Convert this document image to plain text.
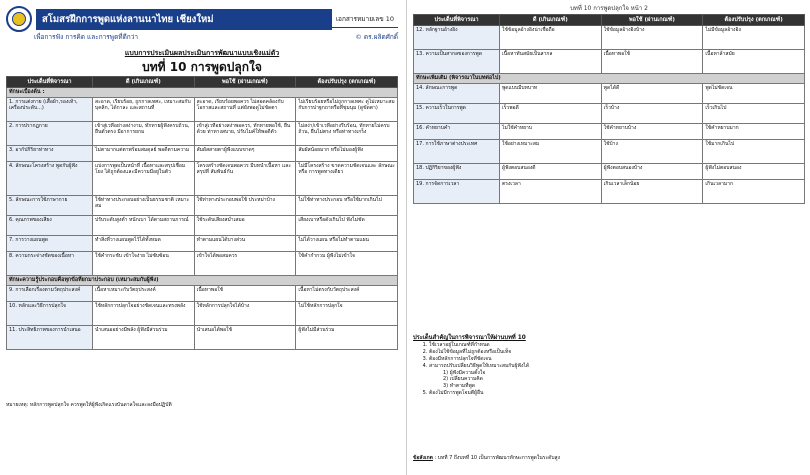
สโมสรฝึกการพูดแห่งลานนาไทย เชียงใหม่	เอกสารหมายเลข 10
เพื่อการฟัง การคิด และการพูดที่ดีกว่า	© ดร.ผลิตศักดิ์
แบบการประเมินผลประเมินการพัฒนาแบบเชิงแม่ตัว
บทที่ 10 การพูดปลุกใจ
ประเด็นที่พิจารณา	ดี (เกินเกณฑ์)	พอใช้ (ผ่านเกณฑ์)	ต้องปรับปรุง (ตกเกณฑ์)
ทักษะเบื้องต้น :			
1. การแต่งกาย (เสื้อผ้า,รองเท้า, เครื่องประดับ...)	สะอาด, เรียบร้อย, ถูกกาลเทศะ, เหมาะสมกับบุคลิก, ได้กาละ และสถานที่	สะอาด, เรียบร้อยพอควร ไม่สอดคล้องกับโอกาสและสถานที่ แต่ยังพอดูไม่ขัดตา	ไม่เรียบร้อยหรือไม่ถูกกาลเทศะ ดูไม่เหมาะสมกับการปาฐกถาหรือที่ชุมนุม (ดูขัดตา)
2. การปรากฏกาย	เข้าสู่เวทีอย่างสง่างาม, ทักทายผู้ฟังครบถ้วน, ยืนตัวตรง มีอาการยกม	เข้าสู่เวทีอย่างสง่าพอควร, ทักทายพอใช้, ยืนด้วย ท่าทางสบาย, ปรับไมค์ให้พอดีตัว	ไม่สง่า/เข้าเวทีอย่างรีบร้อน, ทักทายไม่ครบถ้วน, ยืนไม่ตรง หรือท่าทางเกร็ง
3. อากัปกิริยาท่าทาง	ไม่ตามากแต่ตาพร้อมสมดุลย์ พอดีตามความ	สัมผัสสายตาผู้ฟังแบบขาดๆ	สัมผัสน้อยมาก หรือไม่มองผู้ฟัง
4. ลักษณะโครงสร้าง พูดกับผู้ฟัง	แบ่งการพูดเป็นหน้าที่ เนื้อหาและสรุปเชื่อมโยง ได้ถูกต้องและมีความมีอยู่ในตัว	โครงสร้างชัดเจนพอควร มีบทนำเนื้อหา และสรุปที่ สัมพันธ์กัน	ไม่มีโครงสร้าง ขาดความชัดเจนและ ลักษณะหรือ การพูดทางเดียว
5. ลักษณะการใช้ภาษากาย	ใช้ท่าทางประกอบอย่างเป็นธรรมชาติ เหมาะสม	ใช้ท่าทางประกอบพอใช้ ประหม่าบ้าง	ไม่ใช้ท่าทางประกอบ หรือใช้มากเกินไป
6. คุณภาพของเสียง	ปรับระดับสูงต่ำ หนักเบา ได้ตามสถานการณ์	ใช้ระดับเสียงสม่ำเสมอ	เสียงเบาหรือดังเกินไป ฟังไม่ชัด
7. การวางแผนพูด	ทำสิ่งที่วางแผนพูดไว้ได้ทั้งหมด	ทำตามแผนได้บางส่วน	ไม่ได้วางแผน หรือไม่ทำตามแผน
8. ความกระจ่างชัดของเนื้อหา	ใช้คำกระชับ เข้าใจง่าย ไม่ซับซ้อน	เข้าใจได้พอสมควร	ใช้คำกำกวม ผู้ฟังไม่เข้าใจ
ทักษะความรู้ประกอบคือทุกข้อที่ยกมาประกอบ (เหมาะสมกับผู้ฟัง)			
9. การเลือกเรื่องตามวัตถุประสงค์	เนื้อหาเหมาะกับวัตถุประสงค์	เนื้อหาพอใช้	เนื้อหาไม่ตรงกับวัตถุประสงค์
10. หลักและวิธีการปลุกใจ	ใช้หลักการปลุกใจอย่างชัดเจนและทรงพลัง	ใช้หลักการปลุกใจได้บ้าง	ไม่ใช้หลักการปลุกใจ
11. ประสิทธิภาพของการนำเสนอ	นำเสนออย่างมีพลัง ผู้ฟังมีส่วนร่วม	นำเสนอได้พอใช้	ผู้ฟังไม่มีส่วนร่วม
หมายเหตุ: หลักการพูดปลุกใจ ควรพูดให้ผู้ฟังเกิดแรงบันดาลใจและลงมือปฏิบัติ
บทที่ 10 การพูดปลุกใจ หน้า 2
ประเด็นที่พิจารณา	ดี (เกินเกณฑ์)	พอใช้ (ผ่านเกณฑ์)	ต้องปรับปรุง (ตกเกณฑ์)
12. หลักฐานอ้างอิง	ใช้ข้อมูลอ้างอิงน่าเชื่อถือ	ใช้ข้อมูลอ้างอิงบ้าง	ไม่มีข้อมูลอ้างอิง
13. ความเป็นสากลของการพูด	เนื้อหาทันสมัยเป็นสากล	เนื้อหาพอใช้	เนื้อหาล้าสมัย
ทักษะเพิ่มเติม (พิจารณาในบทต่อไป)			
14. ลักษณะการพูด	พูดแบบมีบทบาท	พูดได้ดี	พูดไม่ชัดเจน
15. ความเร็วในการพูด	เร็วพอดี	เร็วบ้าง	เร็วเกินไป
16. คำหยาบคำ	ไม่ใช้คำหยาบ	ใช้คำหยาบบ้าง	ใช้คำหยาบมาก
17. การใช้ภาษาต่างประเทศ	ใช้อย่างเหมาะสม	ใช้บ้าง	ใช้มากเกินไป
18. ปฏิกิริยาของผู้ฟัง	ผู้ฟังตอบสนองดี	ผู้ฟังตอบสนองบ้าง	ผู้ฟังไม่ตอบสนอง
19. การจัดการเวลา	ตรงเวลา	เกินเวลาเล็กน้อย	เกินเวลามาก
ประเด็นสำคัญในการพิจารณาให้ผ่านบทที่ 10
1. ใช้เวลาอยู่ในเกณฑ์ที่กำหนด
2. ต้องไม่ใช้ข้อมูลที่ไม่ถูกต้องหรือเป็นเท็จ
3. ต้องมีหลักการปลุกใจที่ชัดเจน
4. สามารถปรับเปลี่ยนวิธีพูดให้เหมาะสมกับผู้ฟังได้
1) ผู้ฟังมีความตั้งใจ
2) เปลี่ยนความคิด
3) ทำตามที่พูด
5. ต้องไม่มีการพูดโจมตีผู้อื่น
ข้อสังเกต : บทที่ 7 ถึงบทที่ 10 เป็นการพัฒนาทักษะการพูดในระดับสูง
